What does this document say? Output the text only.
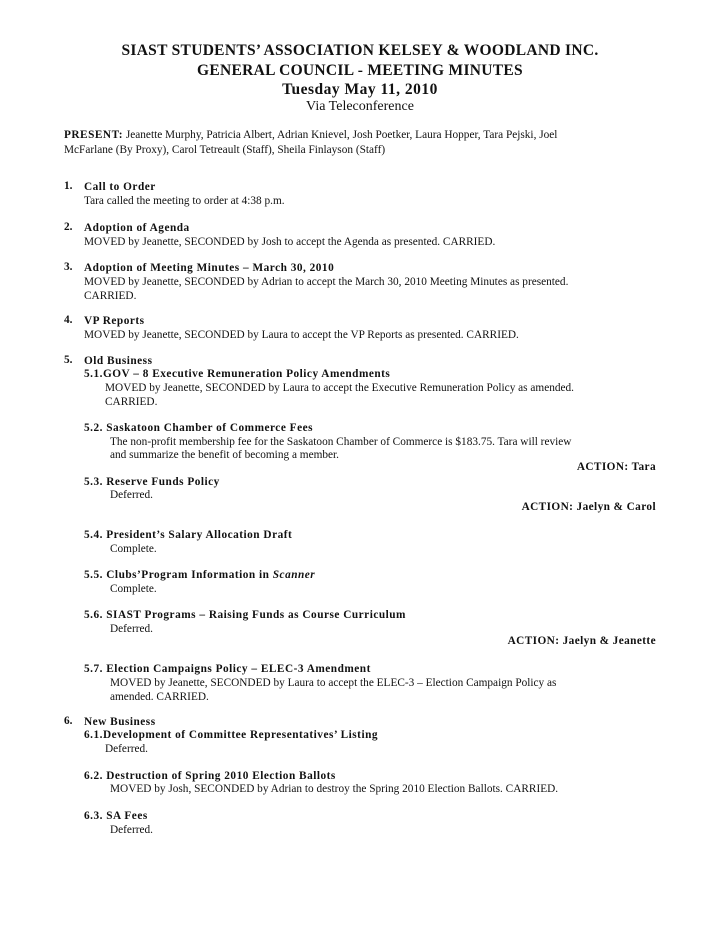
SIAST STUDENTS’ ASSOCIATION KELSEY & WOODLAND INC.
GENERAL COUNCIL - MEETING MINUTES
Tuesday May 11, 2010
Via Teleconference
PRESENT: Jeanette Murphy, Patricia Albert, Adrian Knievel, Josh Poetker, Laura Hopper, Tara Pejski, Joel
McFarlane (By Proxy), Carol Tetreault (Staff), Sheila Finlayson (Staff)
1. Call to Order
Tara called the meeting to order at 4:38 p.m.
2. Adoption of Agenda
MOVED by Jeanette, SECONDED by Josh to accept the Agenda as presented. CARRIED.
3. Adoption of Meeting Minutes – March 30, 2010
MOVED by Jeanette, SECONDED by Adrian to accept the March 30, 2010 Meeting Minutes as presented.
CARRIED.
4. VP Reports
MOVED by Jeanette, SECONDED by Laura to accept the VP Reports as presented. CARRIED.
5. Old Business
5.1.GOV – 8 Executive Remuneration Policy Amendments
MOVED by Jeanette, SECONDED by Laura to accept the Executive Remuneration Policy as amended.
CARRIED.
5.2. Saskatoon Chamber of Commerce Fees
The non-profit membership fee for the Saskatoon Chamber of Commerce is $183.75. Tara will review
and summarize the benefit of becoming a member.
ACTION: Tara
5.3. Reserve Funds Policy
Deferred.
ACTION: Jaelyn & Carol
5.4. President’s Salary Allocation Draft
Complete.
5.5. Clubs’Program Information in Scanner
Complete.
5.6. SIAST Programs – Raising Funds as Course Curriculum
Deferred.
ACTION: Jaelyn & Jeanette
5.7. Election Campaigns Policy – ELEC-3 Amendment
MOVED by Jeanette, SECONDED by Laura to accept the ELEC-3 – Election Campaign Policy as
amended. CARRIED.
6. New Business
6.1.Development of Committee Representatives’ Listing
Deferred.
6.2. Destruction of Spring 2010 Election Ballots
MOVED by Josh, SECONDED by Adrian to destroy the Spring 2010 Election Ballots. CARRIED.
6.3. SA Fees
Deferred.
